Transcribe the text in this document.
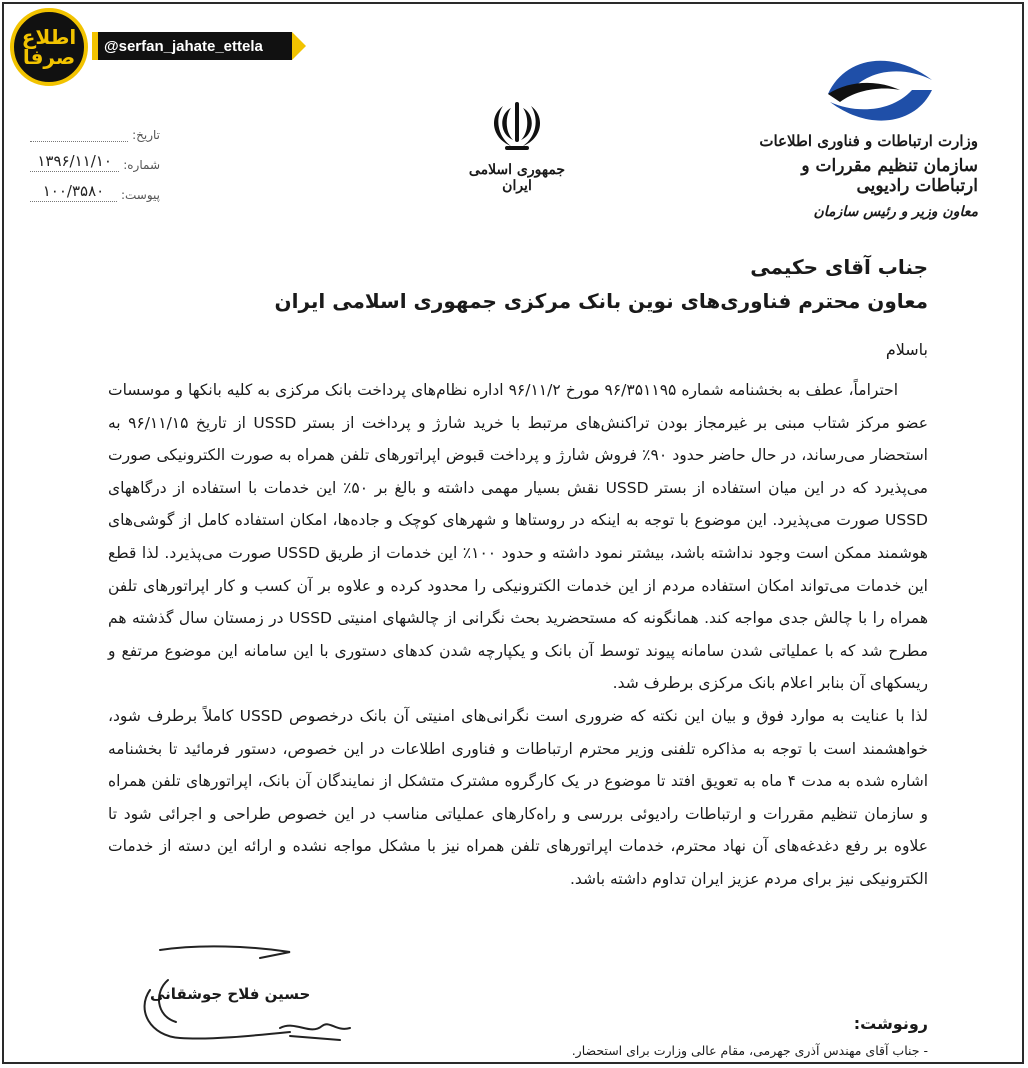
اطلاع صرفا	@serfan_jahate_ettela
تاریخ:
شماره:
۱۳۹۶/۱۱/۱۰
پیوست:
۱۰۰/۳۵۸۰
جمهوری اسلامی ایران
وزارت ارتباطات و فناوری اطلاعات
سازمان تنظیم مقررات و ارتباطات رادیویی
معاون وزیر و رئیس سازمان
جناب آقای حکیمی
معاون محترم فناوری‌های نوین بانک مرکزی جمهوری اسلامی ایران
باسلام

احتراماً، عطف به بخشنامه شماره ۹۶/۳۵۱۱۹۵ مورخ ۹۶/۱۱/۲ اداره نظام‌های پرداخت بانک مرکزی به کلیه بانکها و موسسات عضو مرکز شتاب مبنی بر غیرمجاز بودن تراکنش‌های مرتبط با خرید شارژ و پرداخت از بستر USSD از تاریخ ۹۶/۱۱/۱۵ به استحضار می‌رساند، در حال حاضر حدود ۹۰٪ فروش شارژ و پرداخت قبوض اپراتورهای تلفن همراه به صورت الکترونیکی صورت می‌پذیرد که در این میان استفاده از بستر USSD نقش بسیار مهمی داشته و بالغ بر ۵۰٪ این خدمات با استفاده از درگاههای USSD صورت می‌پذیرد. این موضوع با توجه به اینکه در روستاها و شهرهای کوچک و جاده‌ها، امکان استفاده کامل از گوشی‌های هوشمند ممکن است وجود نداشته باشد، بیشتر نمود داشته و حدود ۱۰۰٪ این خدمات از طریق USSD صورت می‌پذیرد. لذا قطع این خدمات می‌تواند امکان استفاده مردم از این خدمات الکترونیکی را محدود کرده و علاوه بر آن کسب و کار اپراتورهای تلفن همراه را با چالش جدی مواجه کند. همانگونه که مستحضرید بحث نگرانی از چالشهای امنیتی USSD در زمستان سال گذشته هم مطرح شد که با عملیاتی شدن سامانه پیوند توسط آن بانک و یکپارچه شدن کدهای دستوری با این سامانه این موضوع مرتفع و ریسکهای آن بنابر اعلام بانک مرکزی برطرف شد.

لذا با عنایت به موارد فوق و بیان این نکته که ضروری است نگرانی‌های امنیتی آن بانک درخصوص USSD کاملاً برطرف شود، خواهشمند است با توجه به مذاکره تلفنی وزیر محترم ارتباطات و فناوری اطلاعات در این خصوص، دستور فرمائید تا بخشنامه اشاره شده به مدت ۴ ماه به تعویق افتد تا موضوع در یک کارگروه مشترک متشکل از نمایندگان آن بانک، اپراتورهای تلفن همراه و سازمان تنظیم مقررات و ارتباطات رادیوئی بررسی و راه‌کارهای عملیاتی مناسب در این خصوص طراحی و اجرائی شود تا علاوه بر رفع دغدغه‌های آن نهاد محترم، خدمات اپراتورهای تلفن همراه نیز با مشکل مواجه نشده و ارائه این دسته از خدمات الکترونیکی نیز برای مردم عزیز ایران تداوم داشته باشد.

حسین فلاح جوشقانی
رونوشت:
- جناب آقای مهندس آذری جهرمی، مقام عالی وزارت برای استحضار.
